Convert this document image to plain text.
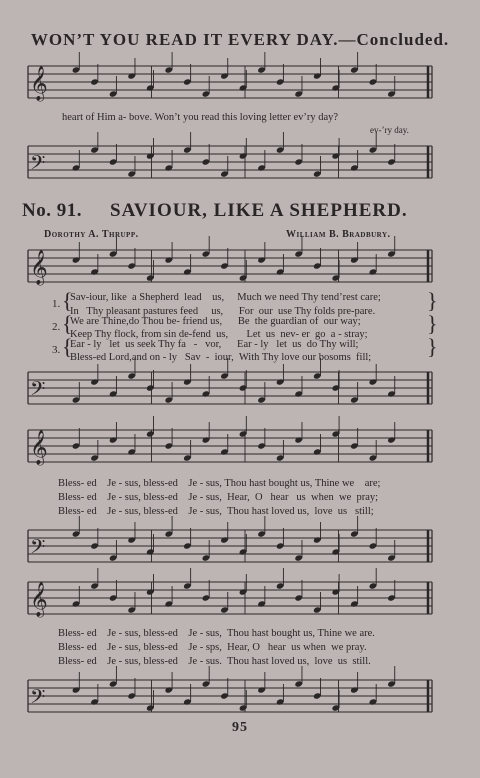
WON’T YOU READ IT EVERY DAY.—Concluded.
𝄞
𝄢
𝄞
𝄢
𝄞
𝄢
𝄞
𝄢
heart of Him a- bove. Won’t you read this loving letter ev’ry day?
ev-’ry day.
No. 91. SAVIOUR, LIKE A SHEPHERD.
Dorothy A. Thrupp.	William B. Bradbury.
1. {	}
Sav-iour, like  a Shepherd  lead    us,     Much we need Thy tend’rest care;
In   Thy pleasant pastures feed     us,      For  our  use Thy folds pre-pare.
2. {	}
We are Thine,do Thou be- friend us,      Be  the guardian of  our way;
Keep Thy flock, from sin de-fend  us,       Let  us  nev- er  go  a - stray;
3. {	}
Ear - ly   let  us seek Thy fa   -   vor,      Ear - ly   let  us  do Thy will;
Bless-ed Lord,and on - ly   Sav  -  iour,  With Thy love our bosoms  fill;
Bless- ed    Je - sus, bless-ed    Je - sus, Thou hast bought us, Thine we    are;
Bless- ed    Je - sus, bless-ed    Je - sus,  Hear,  O   hear   us  when  we  pray;
Bless- ed    Je - sus, bless-ed    Je - sus,  Thou hast loved us,  love  us   still;
Bless- ed    Je - sus, bless-ed    Je - sus,  Thou hast bought us, Thine we are.
Bless- ed    Je - sus, bless-ed    Je - sps,  Hear, O   hear  us when  we pray.
Bless- ed    Je - sus, bless-ed    Je - sus.  Thou hast loved us,  love  us  still.
95
